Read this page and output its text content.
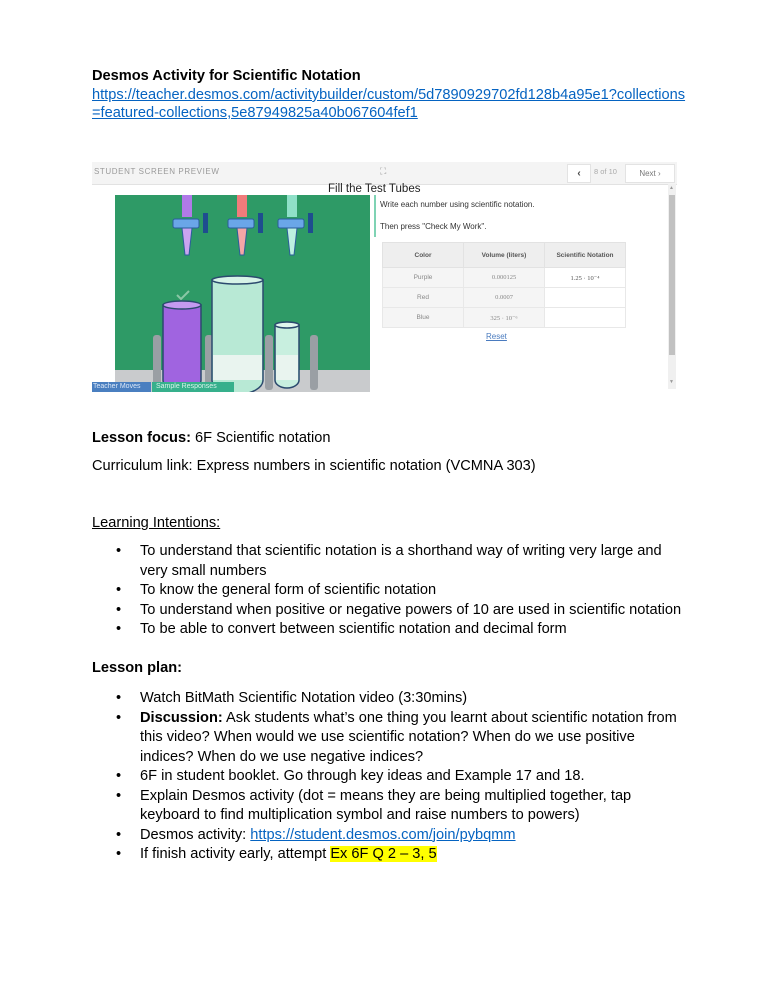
Desmos Activity for Scientific Notation
https://teacher.desmos.com/activitybuilder/custom/5d7890929702fd128b4a95e1?collections=featured-collections,5e87949825a40b067604fef1
STUDENT SCREEN PREVIEW	⛶	‹	8 of 10	Next ›
Fill the Test Tubes
Write each number using scientific notation.
Then press "Check My Work".
Color	Volume (liters)	Scientific Notation
Purple	0.000125	1.25 · 10⁻⁴
Red	0.0007	
Blue	325 · 10⁻⁶	
Reset
▲
▼
Teacher Moves	Sample Responses
Lesson focus: 6F Scientific notation
Curriculum link: Express numbers in scientific notation (VCMNA 303)
Learning Intentions:
• To understand that scientific notation is a shorthand way of writing very large and very small numbers
• To know the general form of scientific notation
• To understand when positive or negative powers of 10 are used in scientific notation
• To be able to convert between scientific notation and decimal form
Lesson plan:
• Watch BitMath Scientific Notation video (3:30mins)
• Discussion: Ask students what’s one thing you learnt about scientific notation from this video? When would we use scientific notation? When do we use positive indices? When do we use negative indices?
• 6F in student booklet. Go through key ideas and Example 17 and 18.
• Explain Desmos activity (dot = means they are being multiplied together, tap keyboard to find multiplication symbol and raise numbers to powers)
• Desmos activity: https://student.desmos.com/join/pybqmm
• If finish activity early, attempt Ex 6F Q 2 – 3, 5
